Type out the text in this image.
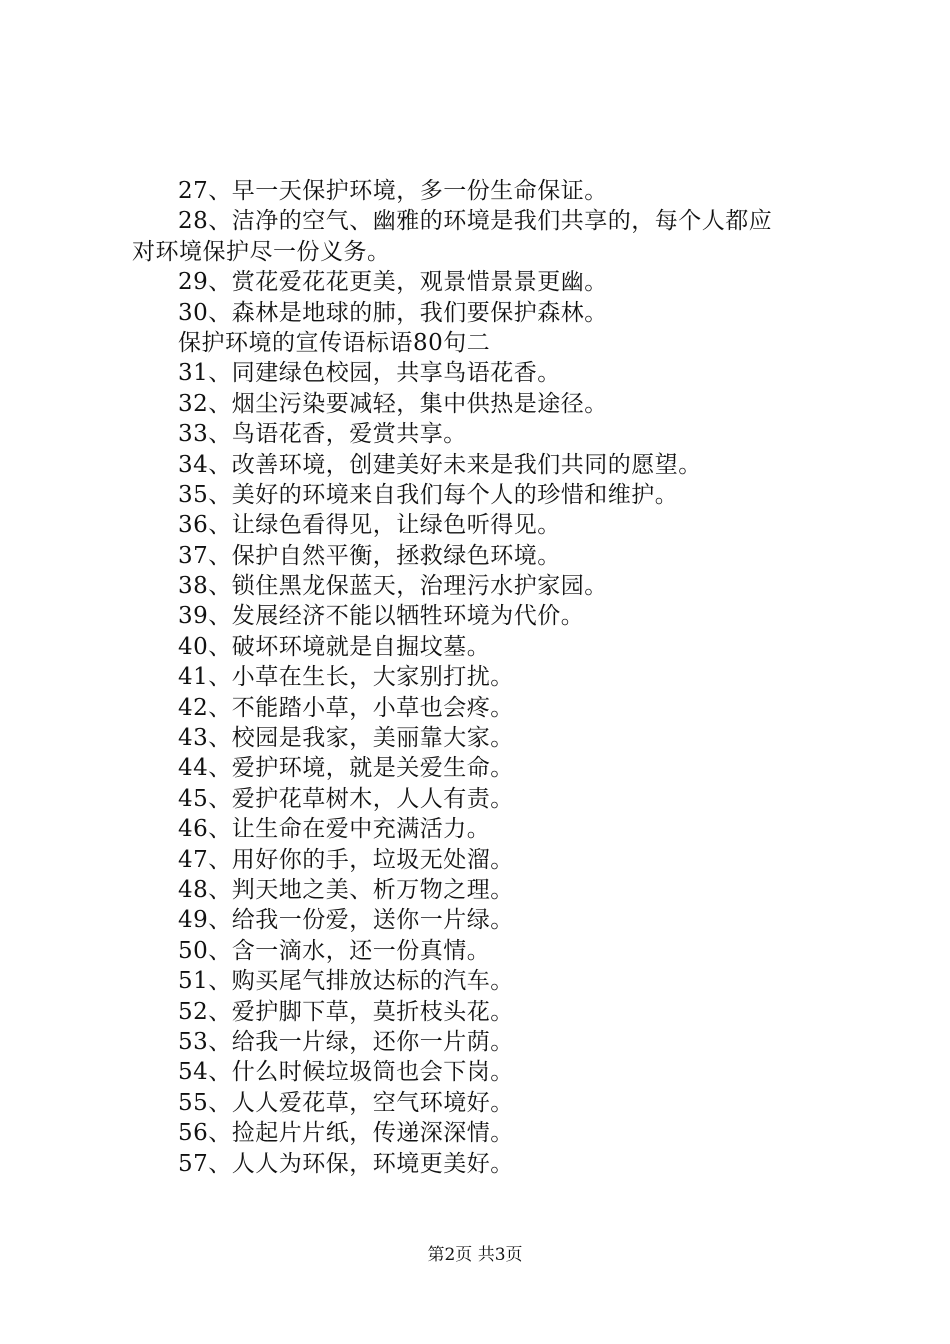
27、早一天保护环境，多一份生命保证。
28、洁净的空气、幽雅的环境是我们共享的，每个人都应
对环境保护尽一份义务。
29、赏花爱花花更美，观景惜景景更幽。
30、森林是地球的肺，我们要保护森林。
保护环境的宣传语标语80句二
31、同建绿色校园，共享鸟语花香。
32、烟尘污染要减轻，集中供热是途径。
33、鸟语花香，爱赏共享。
34、改善环境，创建美好未来是我们共同的愿望。
35、美好的环境来自我们每个人的珍惜和维护。
36、让绿色看得见，让绿色听得见。
37、保护自然平衡，拯救绿色环境。
38、锁住黑龙保蓝天，治理污水护家园。
39、发展经济不能以牺牲环境为代价。
40、破坏环境就是自掘坟墓。
41、小草在生长，大家别打扰。
42、不能踏小草，小草也会疼。
43、校园是我家，美丽靠大家。
44、爱护环境，就是关爱生命。
45、爱护花草树木，人人有责。
46、让生命在爱中充满活力。
47、用好你的手，垃圾无处溜。
48、判天地之美、析万物之理。
49、给我一份爱，送你一片绿。
50、含一滴水，还一份真情。
51、购买尾气排放达标的汽车。
52、爱护脚下草，莫折枝头花。
53、给我一片绿，还你一片荫。
54、什么时候垃圾筒也会下岗。
55、人人爱花草，空气环境好。
56、捡起片片纸，传递深深情。
57、人人为环保，环境更美好。
第2页 共3页
